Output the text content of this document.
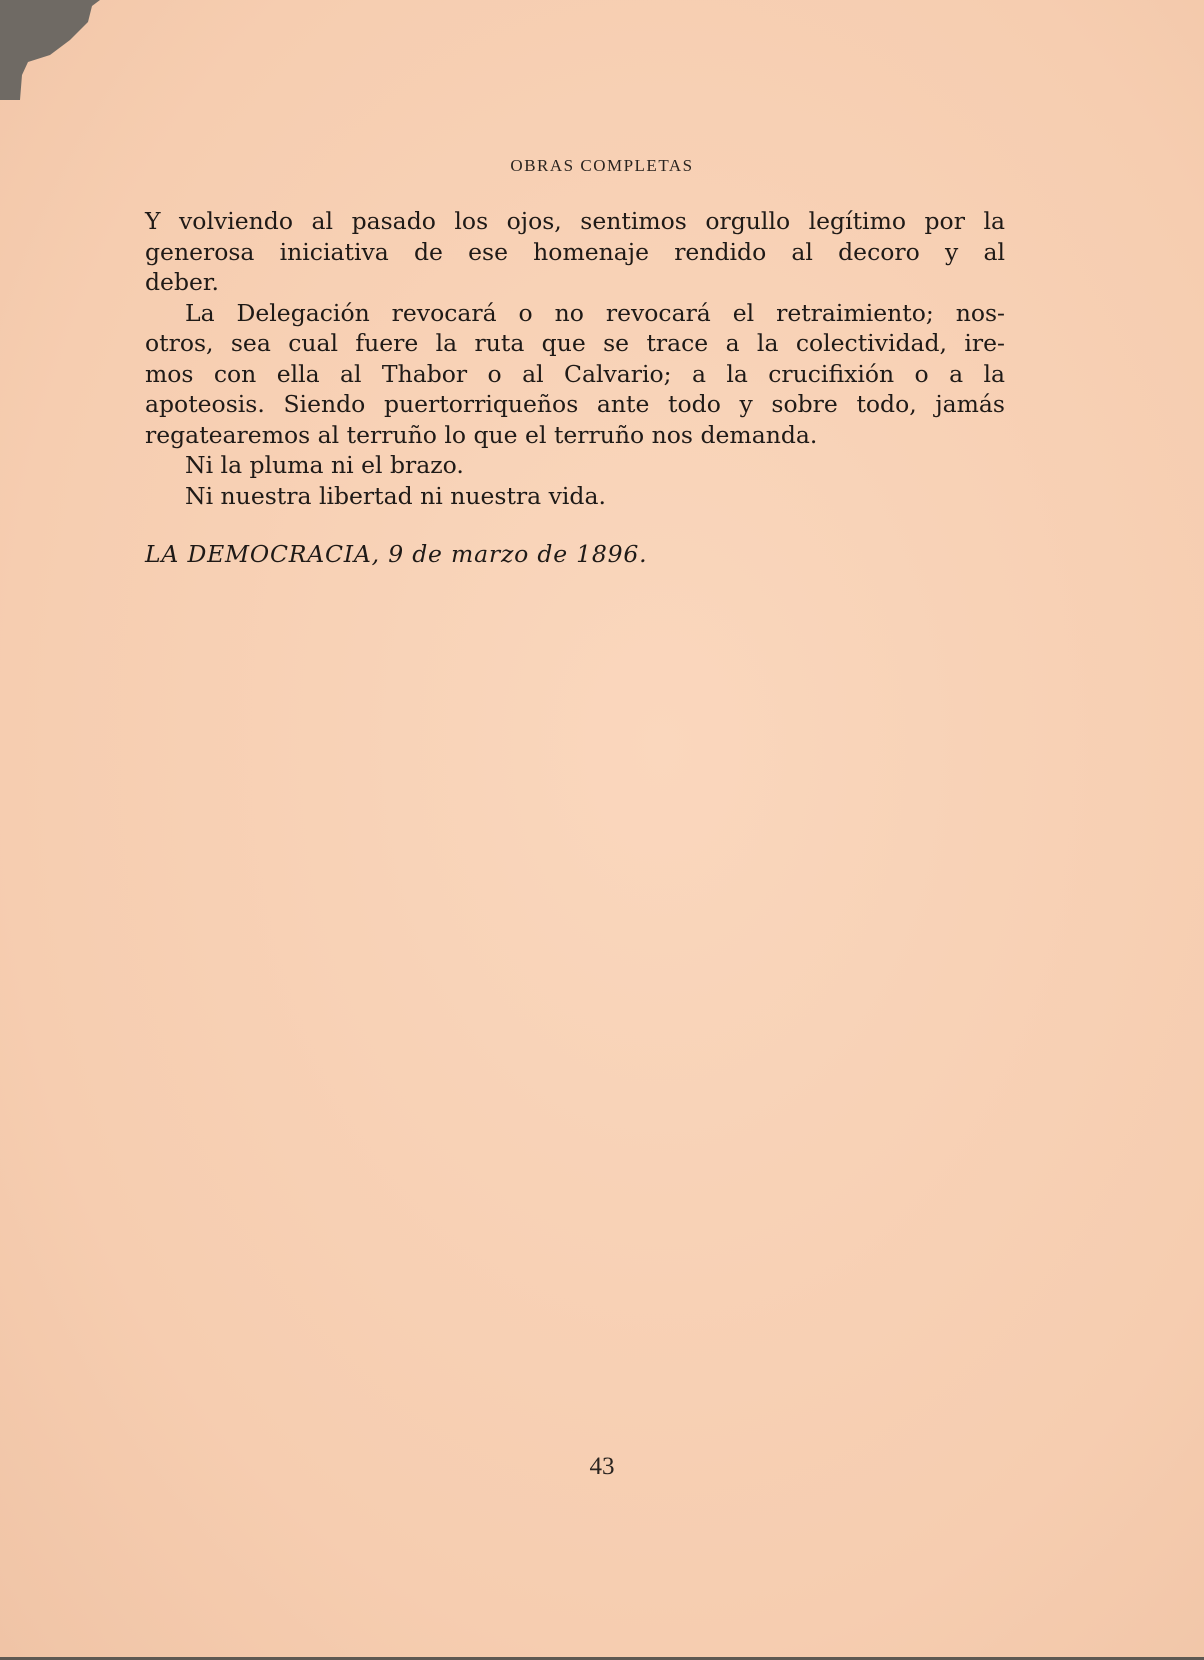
OBRAS COMPLETAS
Y volviendo al pasado los ojos, sentimos orgullo legítimo por la
generosa iniciativa de ese homenaje rendido al decoro y al
deber.
La Delegación revocará o no revocará el retraimiento; nos-
otros, sea cual fuere la ruta que se trace a la colectividad, ire-
mos con ella al Thabor o al Calvario; a la crucifixión o a la
apoteosis. Siendo puertorriqueños ante todo y sobre todo, jamás
regatearemos al terruño lo que el terruño nos demanda.
Ni la pluma ni el brazo.
Ni nuestra libertad ni nuestra vida.
LA DEMOCRACIA, 9 de marzo de 1896.
43
